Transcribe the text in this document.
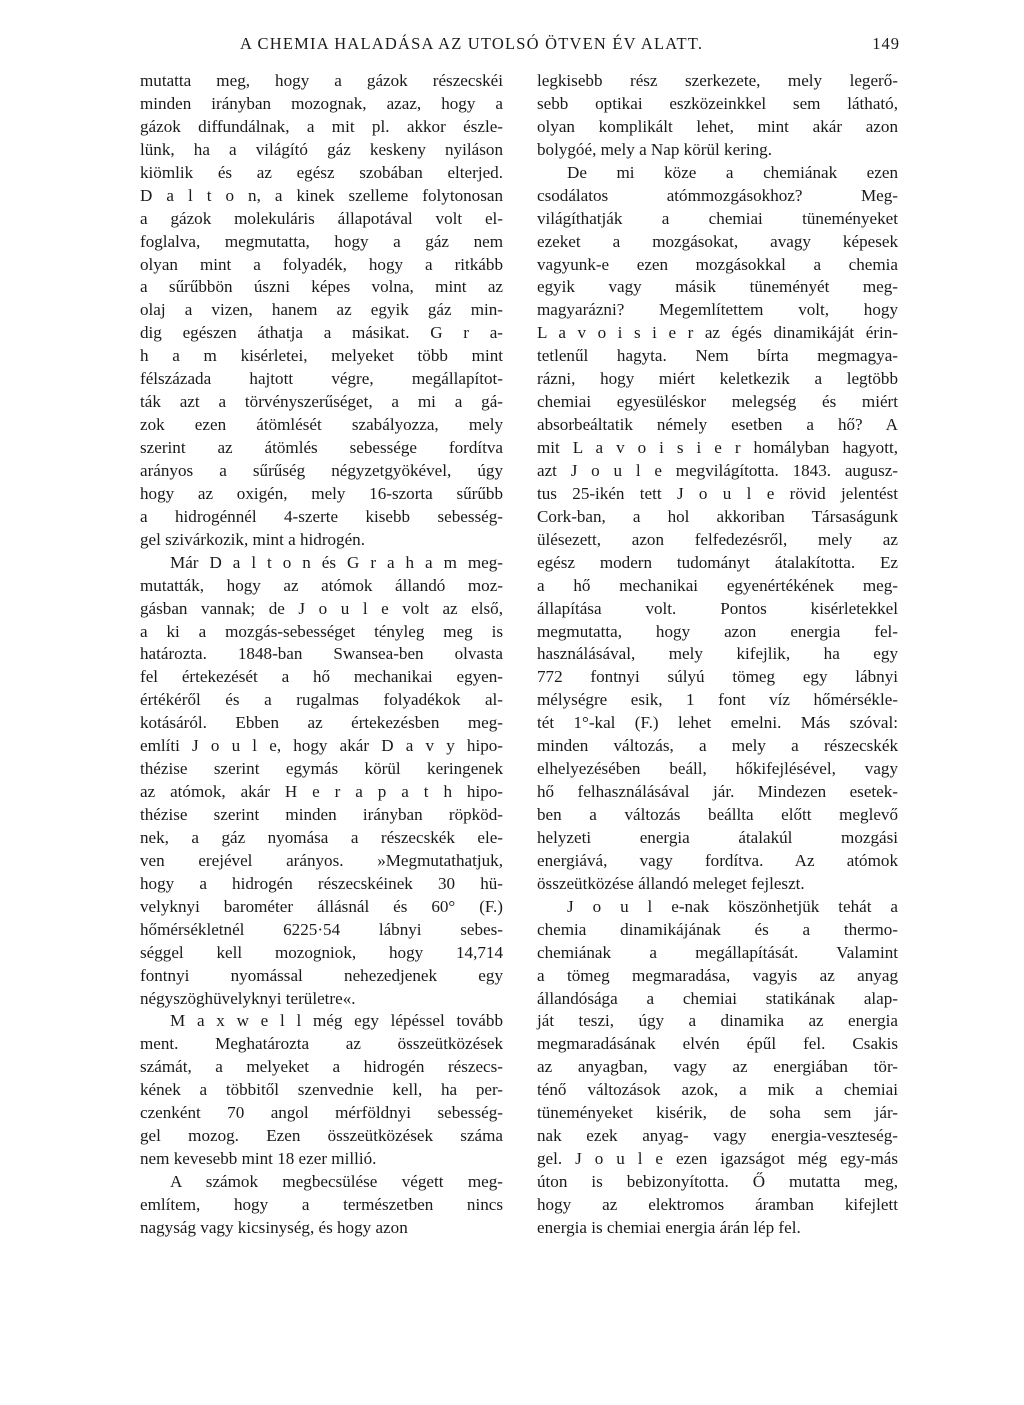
A CHEMIA HALADÁSA AZ UTOLSÓ ÖTVEN ÉV ALATT.	149
mutatta meg, hogy a gázok részecskéi
minden irányban mozognak, azaz, hogy a
gázok diffundálnak, a mit pl. akkor észle-
lünk, ha a világító gáz keskeny nyiláson
kiömlik és az egész szobában elterjed.
D a l t o n, a kinek szelleme folytonosan
a gázok molekuláris állapotával volt el-
foglalva, megmutatta, hogy a gáz nem
olyan mint a folyadék, hogy a ritkább
a sűrűbbön úszni képes volna, mint az
olaj a vizen, hanem az egyik gáz min-
dig egészen áthatja a másikat. G r a-
h a m kisérletei, melyeket több mint
félszázada hajtott végre, megállapítot-
ták azt a törvényszerűséget, a mi a gá-
zok ezen átömlését szabályozza, mely
szerint az átömlés sebessége fordítva
arányos a sűrűség négyzetgyökével, úgy
hogy az oxigén, mely 16-szorta sűrűbb
a hidrogénnél 4-szerte kisebb sebesség-
gel szivárkozik, mint a hidrogén.
Már D a l t o n és G r a h a m meg-
mutatták, hogy az atómok állandó moz-
gásban vannak; de J o u l e volt az első,
a ki a mozgás-sebességet tényleg meg is
határozta. 1848-ban Swansea-ben olvasta
fel értekezését a hő mechanikai egyen-
értékéről és a rugalmas folyadékok al-
kotásáról. Ebben az értekezésben meg-
említi J o u l e, hogy akár D a v y hipo-
thézise szerint egymás körül keringenek
az atómok, akár H e r a p a t h hipo-
thézise szerint minden irányban röpköd-
nek, a gáz nyomása a részecskék ele-
ven erejével arányos. »Megmutathatjuk,
hogy a hidrogén részecskéinek 30 hü-
velyknyi barométer állásnál és 60° (F.)
hőmérsékletnél 6225·54 lábnyi sebes-
séggel kell mozogniok, hogy 14,714
fontnyi nyomással nehezedjenek egy
négyszöghüvelyknyi területre«.
M a x w e l l még egy lépéssel tovább
ment. Meghatározta az összeütközések
számát, a melyeket a hidrogén részecs-
kének a többitől szenvednie kell, ha per-
czenként 70 angol mérföldnyi sebesség-
gel mozog. Ezen összeütközések száma
nem kevesebb mint 18 ezer millió.
A számok megbecsülése végett meg-
említem, hogy a természetben nincs
nagyság vagy kicsinység, és hogy azon
legkisebb rész szerkezete, mely legerő-
sebb optikai eszközeinkkel sem látható,
olyan komplikált lehet, mint akár azon
bolygóé, mely a Nap körül kering.
De mi köze a chemiának ezen
csodálatos atómmozgásokhoz? Meg-
világíthatják a chemiai tüneményeket
ezeket a mozgásokat, avagy képesek
vagyunk-e ezen mozgásokkal a chemia
egyik vagy másik tüneményét meg-
magyarázni? Megemlítettem volt, hogy
L a v o i s i e r az égés dinamikáját érin-
tetlenűl hagyta. Nem bírta megmagya-
rázni, hogy miért keletkezik a legtöbb
chemiai egyesüléskor melegség és miért
absorbeáltatik némely esetben a hő? A
mit L a v o i s i e r homályban hagyott,
azt J o u l e megvilágította. 1843. augusz-
tus 25-ikén tett J o u l e rövid jelentést
Cork-ban, a hol akkoriban Társaságunk
ülésezett, azon felfedezésről, mely az
egész modern tudományt átalakította. Ez
a hő mechanikai egyenértékének meg-
állapítása volt. Pontos kisérletekkel
megmutatta, hogy azon energia fel-
használásával, mely kifejlik, ha egy
772 fontnyi súlyú tömeg egy lábnyi
mélységre esik, 1 font víz hőmérsékle-
tét 1°-kal (F.) lehet emelni. Más szóval:
minden változás, a mely a részecskék
elhelyezésében beáll, hőkifejlésével, vagy
hő felhasználásával jár. Mindezen esetek-
ben a változás beállta előtt meglevő
helyzeti energia átalakúl mozgási
energiává, vagy fordítva. Az atómok
összeütközése állandó meleget fejleszt.
J o u l e-nak köszönhetjük tehát a
chemia dinamikájának és a thermo-
chemiának a megállapítását. Valamint
a tömeg megmaradása, vagyis az anyag
állandósága a chemiai statikának alap-
ját teszi, úgy a dinamika az energia
megmaradásának elvén épűl fel. Csakis
az anyagban, vagy az energiában tör-
ténő változások azok, a mik a chemiai
tüneményeket kisérik, de soha sem jár-
nak ezek anyag- vagy energia-veszteség-
gel. J o u l e ezen igazságot még egy-más
úton is bebizonyította. Ő mutatta meg,
hogy az elektromos áramban kifejlett
energia is chemiai energia árán lép fel.
